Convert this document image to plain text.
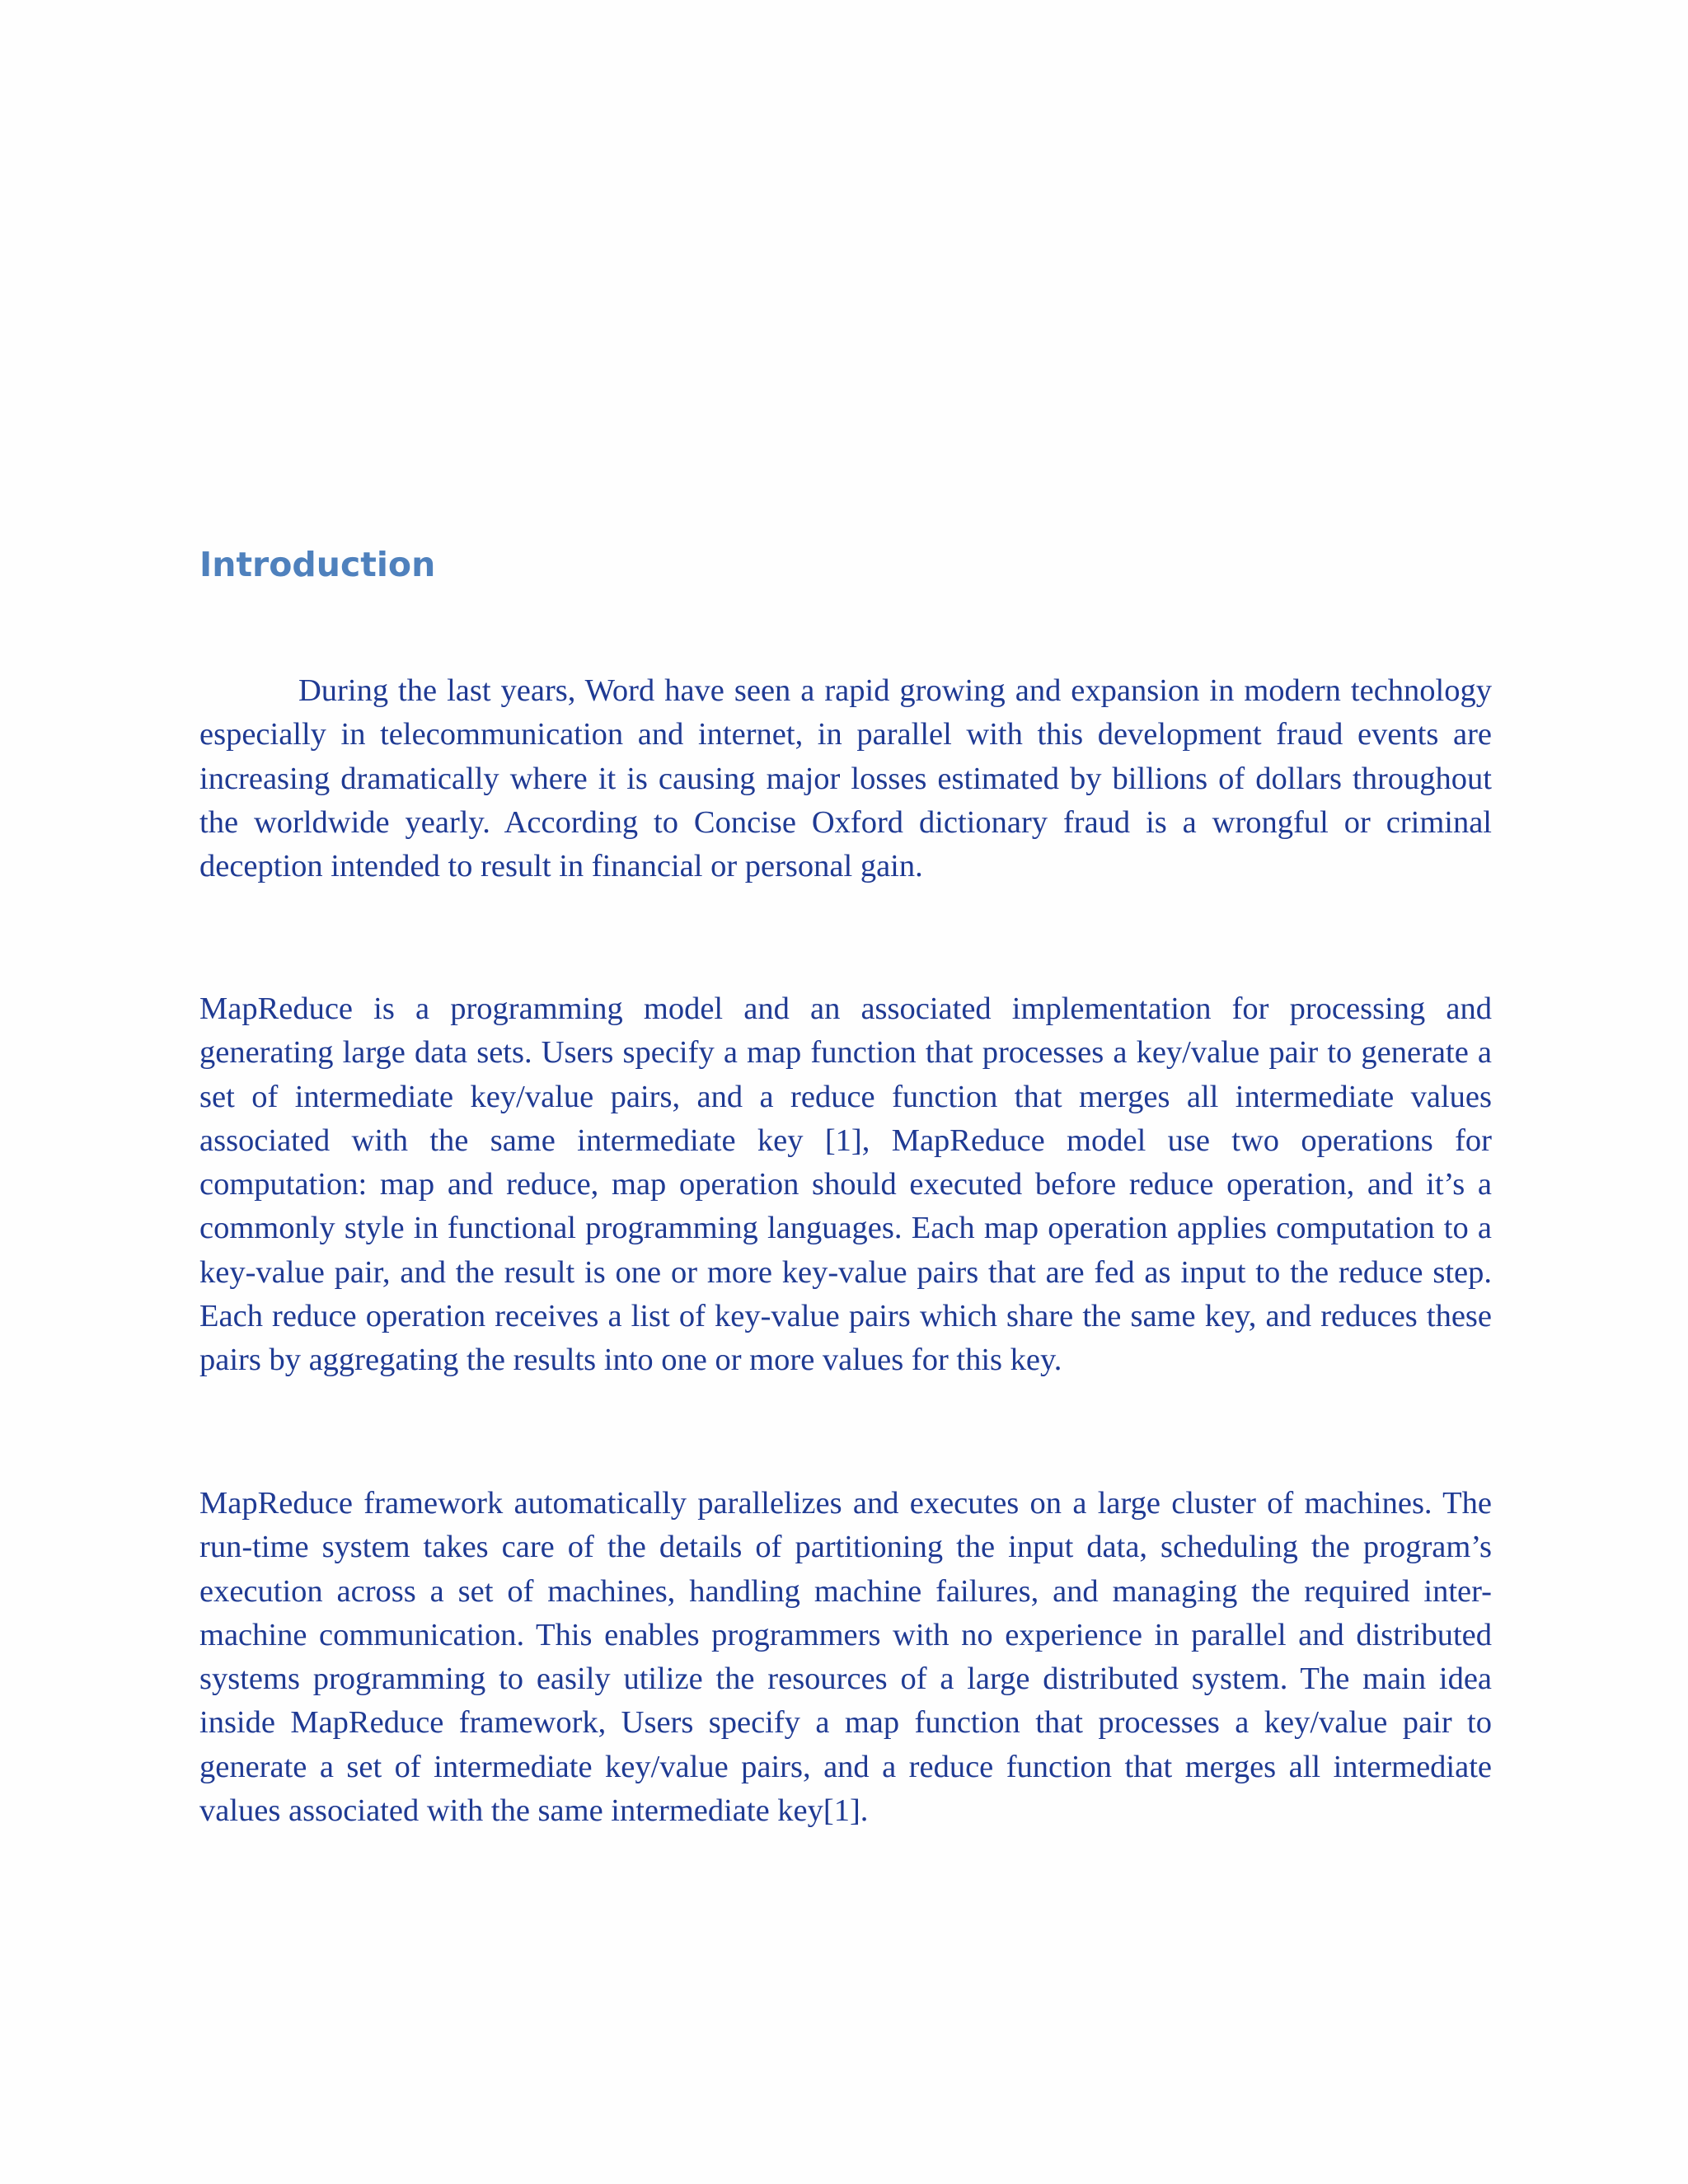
Introduction

During the last years, Word have seen a rapid growing and expansion in modern technology especially in telecommunication and internet, in parallel with this development fraud events are increasing dramatically where it is causing major losses estimated by billions of dollars throughout the worldwide yearly. According to Concise Oxford dictionary fraud is a wrongful or criminal deception intended to result in financial or personal gain.

MapReduce is a programming model and an associated implementation for processing and generating large data sets. Users specify a map function that processes a key/value pair to generate a set of intermediate key/value pairs, and a reduce function that merges all intermediate values associated with the same intermediate key [1], MapReduce model use two operations for computation: map and reduce, map operation should executed before reduce operation, and it’s a commonly style in functional programming languages. Each map operation applies computation to a key-value pair, and the result is one or more key-value pairs that are fed as input to the reduce step. Each reduce operation receives a list of key-value pairs which share the same key, and reduces these pairs by aggregating the results into one or more values for this key.

MapReduce framework automatically parallelizes and executes on a large cluster of machines. The run-time system takes care of the details of partitioning the input data, scheduling the program’s execution across a set of machines, handling machine failures, and managing the required inter-machine communication. This enables programmers with no experience in parallel and distributed systems programming to easily utilize the resources of a large distributed system. The main idea inside MapReduce framework, Users specify a map function that processes a key/value pair to generate a set of intermediate key/value pairs, and a reduce function that merges all intermediate values associated with the same intermediate key[1].
